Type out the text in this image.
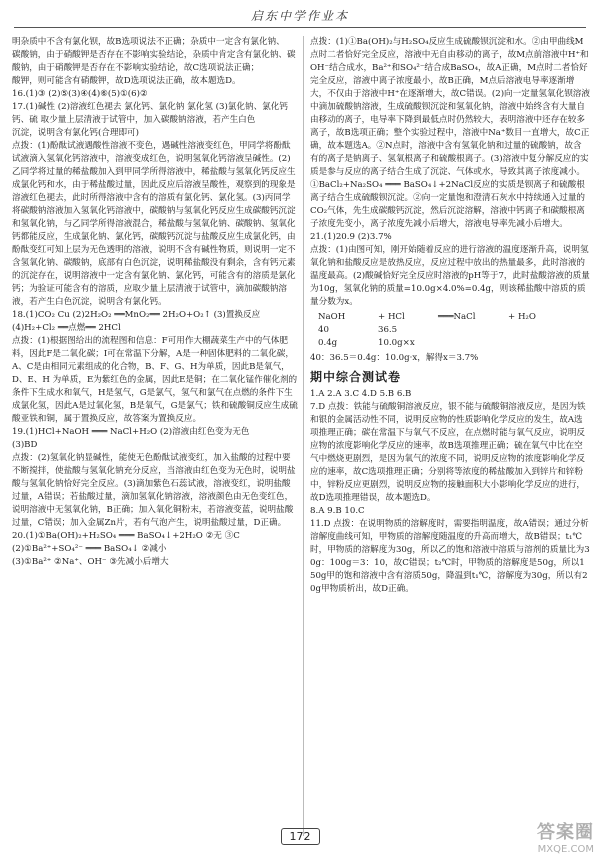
启东中学作业本

明杂质中不含有氯化钡，故B选项说法不正确；杂质中一定含有氯化钠、

碳酸钠，由于硝酸钾是否存在不影响实验结论，杂质中肯定含有氯化钠、碳酸钠，由于硝酸钾是否存在不影响实验结论，故C选项说法正确；

酸钾，则可能含有硝酸钾，故D选项说法正确，故本题选D。

16.(1)③ (2)⑤(3)④(4)⑥(5)①(6)②

17.(1)碱性 (2)溶液红色褪去 氯化钙、氯化钠 氯化氢 (3)氯化钠、氯化钙

钙、硫 取少量上层清液于试管中，加入碳酸钠溶液，若产生白色

沉淀，说明含有氯化钙(合理即可)

点拨：(1)酚酞试液遇酸性溶液不变色，遇碱性溶液变红色，甲同学将酚酞试液滴入氢氧化钙溶液中，溶液变成红色，说明氢氧化钙溶液呈碱性。(2)乙同学将过量的稀盐酸加入到甲同学所得溶液中，稀盐酸与氢氧化钙反应生成氯化钙和水，由于稀盐酸过量，因此反应后溶液呈酸性，观察到的现象是溶液红色褪去，此时所得溶液中含有的溶质有氯化钙、氯化氢。(3)丙同学将碳酸钠溶液加入氢氧化钙溶液中，碳酸钠与氢氧化钙反应生成碳酸钙沉淀和氢氧化钠，与乙同学所得溶液混合，稀盐酸与氢氧化钠、碳酸钠、氢氧化钙都能反应，生成氯化钠、氯化钙，碳酸钙沉淀与盐酸反应生成氯化钙，由酚酞变红可知上层为无色透明的溶液，说明不含有碱性物质，则说明一定不含氢氧化钠、碳酸钠，底部有白色沉淀，说明稀盐酸没有剩余，含有钙元素的沉淀存在，说明溶液中一定含有氯化钠、氯化钙，可能含有的溶质是氯化钙；为验证可能含有的溶质，应取少量上层清液于试管中，滴加碳酸钠溶液，若产生白色沉淀，说明含有氯化钙。

18.(1)CO₂ Cu (2)2H₂O₂ ══MnO₂══ 2H₂O+O₂↑ (3)置换反应

(4)H₂+Cl₂ ══点燃══ 2HCl

点拨：(1)根据图给出的流程图和信息：F可用作大棚蔬菜生产中的气体肥料，因此F是二氧化碳；I可在常温下分解，A是一种固体肥料的二氧化碳，A、C是由相同元素组成的化合物，B、F、G、H为单质，因此B是氧气，D、E、H 为单质，E为紫红色的金属，因此E是铜；在二氧化锰作催化剂的条件下生成水和氧气，H是氢气，G是氯气，氢气和氯气在点燃的条件下生成氯化氢，因此A是过氧化氢，B是氧气，G是氯气；铁和硫酸铜反应生成硫酸亚铁和铜，属于置换反应，故答案为置换反应。

19.(1)HCl+NaOH ═══ NaCl+H₂O (2)溶液由红色变为无色

(3)BD

点拨：(2)氢氧化钠显碱性，能使无色酚酞试液变红，加入盐酸的过程中要不断搅拌，使盐酸与氢氧化钠充分反应，当溶液由红色变为无色时，说明盐酸与氢氧化钠恰好完全反应。(3)滴加紫色石蕊试液，溶液变红，说明盐酸过量，A错误；若盐酸过量，滴加氢氧化钠溶液，溶液颜色由无色变红色，说明溶液中无氢氧化钠，B正确；加入氧化铜粉末，若溶液变蓝，说明盐酸过量，C错误；加入金属Zn片，若有气泡产生，说明盐酸过量，D正确。

20.(1)①Ba(OH)₂+H₂SO₄ ═══ BaSO₄↓+2H₂O ②无 ③C

(2)①Ba²⁺+SO₄²⁻ ═══ BaSO₄↓ ②减小

(3)①Ba²⁺ ②Na⁺、OH⁻ ③先减小后增大

点拨：(1)①Ba(OH)₂与H₂SO₄反应生成硫酸钡沉淀和水。②由甲曲线M点时二者恰好完全反应，溶液中无自由移动的离子，故M点前溶液中H⁺和OH⁻结合成水，Ba²⁺和SO₄²⁻结合成BaSO₄，故A正确，M点时二者恰好完全反应，溶液中离子浓度最小，故B正确，M点后溶液电导率逐渐增大，不仅由于溶液中H⁺在逐渐增大，故C错误。(2)向一定量氢氧化钡溶液中滴加硫酸钠溶液，生成硫酸钡沉淀和氢氧化钠，溶液中始终含有大量自由移动的离子，电导率下降到最低点时仍然较大，表明溶液中还存在较多离子，故B选项正确；整个实验过程中，溶液中Na⁺数目一直增大，故C正确，故本题选A。②N点时，溶液中含有氢氧化钠和过量的硫酸钠，故含有的离子是钠离子、氢氧根离子和硫酸根离子。(3)溶液中复分解反应的实质是参与反应的离子结合生成了沉淀、气体或水，导致其离子浓度减小。①BaCl₂+Na₂SO₄ ═══ BaSO₄↓+2NaCl反应的实质是钡离子和硫酸根离子结合生成硫酸钡沉淀。②向一定量饱和澄清石灰水中持续通入过量的CO₂气体，先生成碳酸钙沉淀，然后沉淀溶解，溶液中钙离子和碳酸根离子浓度先变小，离子浓度先减小后增大，溶液电导率先减小后增大。

21.(1)20.9 (2)3.7%

点拨：(1)由图可知，刚开始随着反应的进行溶液的温度逐渐升高，说明氢氧化钠和盐酸反应是放热反应，反应过程中放出的热量最多，此时溶液的温度最高。(2)酸碱恰好完全反应时溶液的pH等于7，此时盐酸溶液的质量为10g，氢氧化钠的质量=10.0g×4.0%=0.4g，则该稀盐酸中溶质的质量分数为x。

NaOH	+ HCl	═══NaCl	+ H₂O
40	36.5
0.4g	10.0g×x

40：36.5＝0.4g：10.0g·x，解得x＝3.7%

期中综合测试卷

1.A 2.A 3.C 4.D 5.B 6.B

7.D 点拨：铁能与硫酸铜溶液反应，银不能与硫酸铜溶液反应，是因为铁和银的金属活动性不同，说明反应物的性质影响化学反应的发生，故A选项推理正确；碳在常温下与氧气不反应，在点燃时能与氧气反应，说明反应物的浓度影响化学反应的速率，故B选项推理正确；硫在氧气中比在空气中燃烧更剧烈，是因为氧气的浓度不同，说明反应物的浓度影响化学反应的速率，故C选项推理正确；分别将等浓度的稀盐酸加入到锌片和锌粉中，锌粉反应更剧烈，说明反应物的接触面积大小影响化学反应的进行，故D选项推理错误，故本题选D。

8.A 9.B 10.C

11.D 点拨：在说明物质的溶解度时，需要指明温度，故A错误；通过分析溶解度曲线可知，甲物质的溶解度随温度的升高而增大，故B错误；t₁℃时，甲物质的溶解度为30g，所以乙的饱和溶液中溶质与溶剂的质量比为30g：100g＝3：10，故C错误；t₂℃时，甲物质的溶解度是50g，所以150g甲的饱和溶液中含有溶质50g，降温到t₁℃，溶解度为30g，所以有20g甲物质析出，故D正确。

172	答案圈
MXQE.COM
